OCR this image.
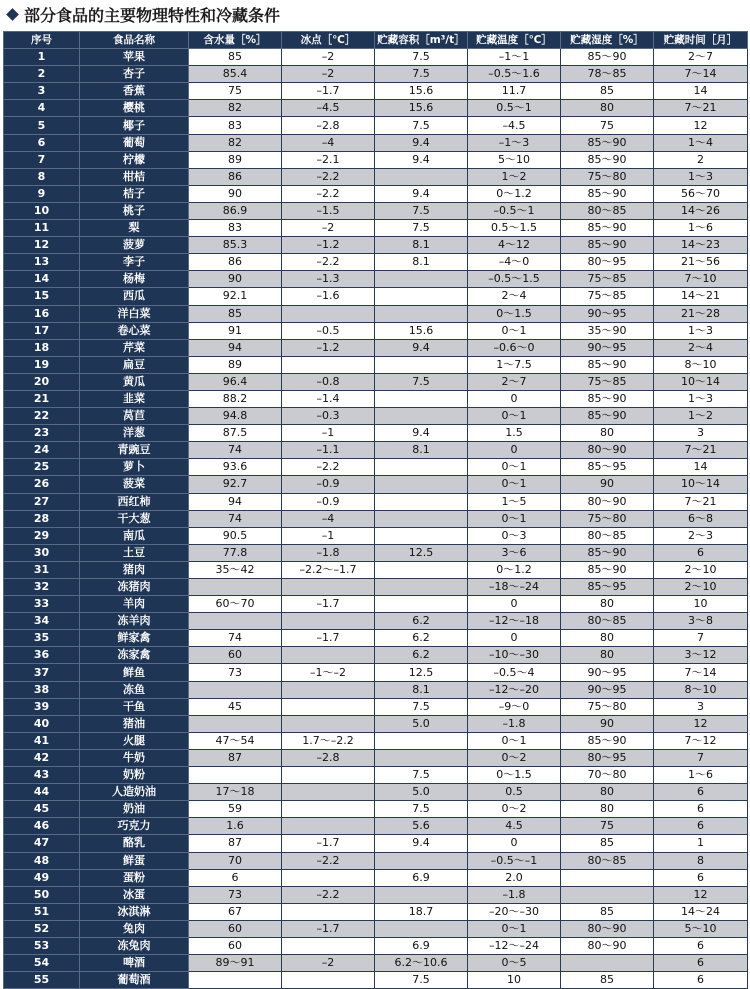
部分食品的主要物理特性和冷藏条件
序号	食品名称	含水量［%］	冰点［℃］	贮藏容积［m³/t］	贮藏温度［℃］	贮藏湿度［%］	贮藏时间［月］
1	苹果	85	–2	7.5	–1～1	85～90	2～7
2	杏子	85.4	–2	7.5	–0.5～1.6	78～85	7～14
3	香蕉	75	–1.7	15.6	11.7	85	14
4	樱桃	82	–4.5	15.6	0.5～1	80	7～21
5	椰子	83	–2.8	7.5	–4.5	75	12
6	葡萄	82	–4	9.4	–1～3	85～90	1～4
7	柠檬	89	–2.1	9.4	5～10	85～90	2
8	柑桔	86	–2.2		1～2	75～80	1～3
9	桔子	90	–2.2	9.4	0～1.2	85～90	56～70
10	桃子	86.9	–1.5	7.5	–0.5～1	80～85	14～26
11	梨	83	–2	7.5	0.5～1.5	85～90	1～6
12	菠萝	85.3	–1.2	8.1	4～12	85～90	14～23
13	李子	86	–2.2	8.1	–4～0	80～95	21～56
14	杨梅	90	–1.3		–0.5～1.5	75～85	7～10
15	西瓜	92.1	–1.6		2～4	75～85	14～21
16	洋白菜	85			0～1.5	90～95	21～28
17	卷心菜	91	–0.5	15.6	0～1	35～90	1～3
18	芹菜	94	–1.2	9.4	–0.6～0	90～95	2～4
19	扁豆	89			1～7.5	85～90	8～10
20	黄瓜	96.4	–0.8	7.5	2～7	75～85	10～14
21	韭菜	88.2	–1.4		0	85～90	1～3
22	莴苣	94.8	–0.3		0～1	85～90	1～2
23	洋葱	87.5	–1	9.4	1.5	80	3
24	青豌豆	74	–1.1	8.1	0	80～90	7～21
25	萝卜	93.6	–2.2		0～1	85～95	14
26	菠菜	92.7	–0.9		0～1	90	10～14
27	西红柿	94	–0.9		1～5	80～90	7～21
28	干大葱	74	–4		0～1	75～80	6～8
29	南瓜	90.5	–1		0～3	80～85	2～3
30	土豆	77.8	–1.8	12.5	3～6	85～90	6
31	猪肉	35～42	–2.2～–1.7		0～1.2	85～90	2～10
32	冻猪肉				–18～–24	85～95	2～10
33	羊肉	60～70	–1.7		0	80	10
34	冻羊肉			6.2	–12～–18	80～85	3～8
35	鲜家禽	74	–1.7	6.2	0	80	7
36	冻家禽	60		6.2	–10～–30	80	3～12
37	鲜鱼	73	–1～–2	12.5	–0.5～4	90～95	7～14
38	冻鱼			8.1	–12～–20	90～95	8～10
39	干鱼	45		7.5	–9～0	75～80	3
40	猪油			5.0	–1.8	90	12
41	火腿	47～54	1.7～–2.2		0～1	85～90	7～12
42	牛奶	87	–2.8		0～2	80～95	7
43	奶粉			7.5	0～1.5	70～80	1～6
44	人造奶油	17～18		5.0	0.5	80	6
45	奶油	59		7.5	0～2	80	6
46	巧克力	1.6		5.6	4.5	75	6
47	酪乳	87	–1.7	9.4	0	85	1
48	鲜蛋	70	–2.2		–0.5～–1	80～85	8
49	蛋粉	6		6.9	2.0		6
50	冰蛋	73	–2.2		–1.8		12
51	冰淇淋	67		18.7	–20～–30	85	14～24
52	兔肉	60	–1.7		0～1	80～90	5～10
53	冻兔肉	60		6.9	–12～–24	80～90	6
54	啤酒	89～91	–2	6.2～10.6	0～5		6
55	葡萄酒			7.5	10	85	6
